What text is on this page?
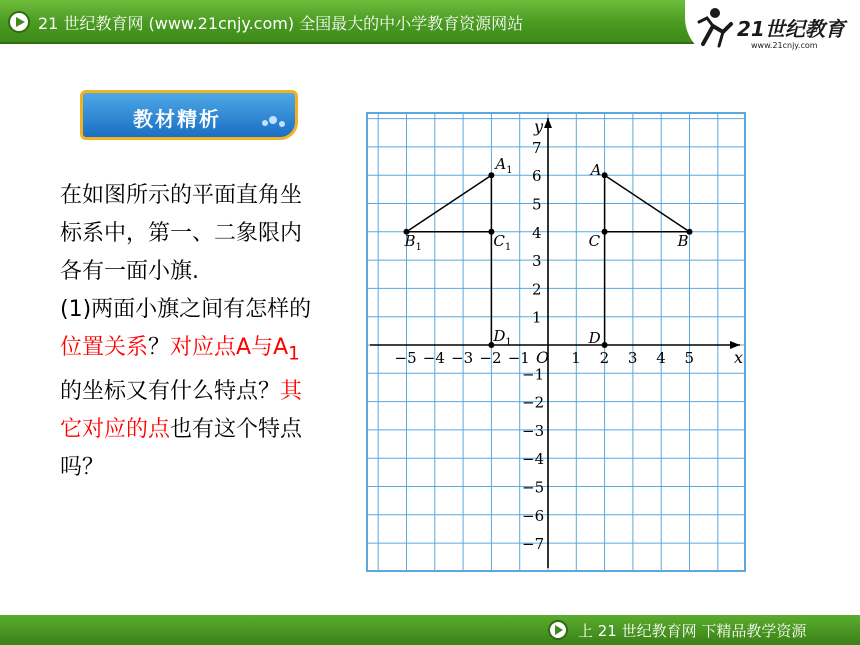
21 世纪教育网 (www.21cnjy.com) 全国最大的中小学教育资源网站	21世纪教育
www.21cnjy.com
教材精析
在如图所示的平面直角坐标系中，第一、二象限内各有一面小旗.
(1)两面小旗之间有怎样的位置关系？对应点A与$A_1$的坐标又有什么特点？其它对应的点也有这个特点吗？
x
y
O
−5 −4 −3 −2 −1	1 2 3 4 5
7
6
5
4
3
2
1
−1
−2
−3
−4
−5
−6
−7
A
B
C
D
$A_1$
$B_1$	$C_1$
$D_1$
上 21 世纪教育网 下精品教学资源
